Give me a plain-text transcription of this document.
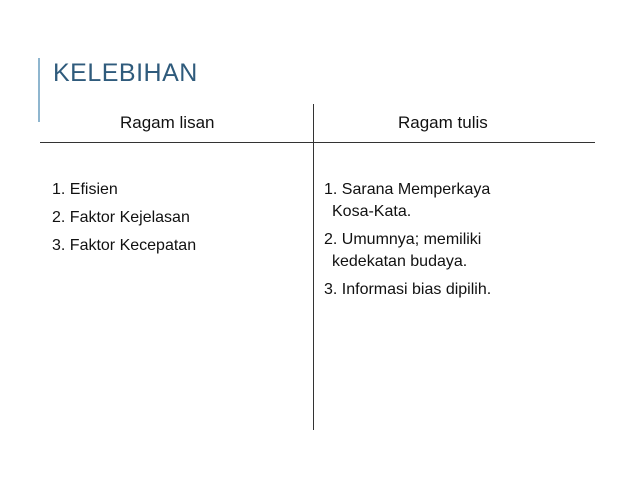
KELEBIHAN
Ragam lisan	Ragam tulis
1. Efisien
2. Faktor Kejelasan
3. Faktor Kecepatan
1. Sarana Memperkaya
Kosa-Kata.
2. Umumnya; memiliki
kedekatan budaya.
3. Informasi bias dipilih.
